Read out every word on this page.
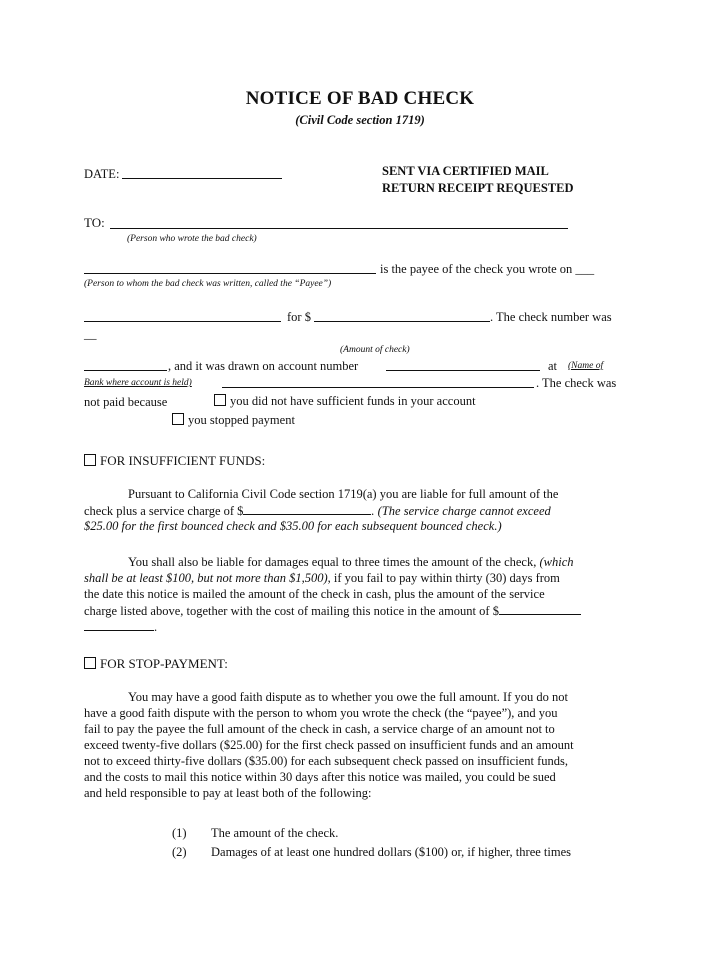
NOTICE OF BAD CHECK
(Civil Code section 1719)
DATE:	SENT VIA CERTIFIED MAIL
RETURN RECEIPT REQUESTED
TO:
(Person who wrote the bad check)
is the payee of the check you wrote on ___
(Person to whom the bad check was written, called the “Payee”)
for $	. The check number was
__
(Amount of check)
, and it was drawn on account number	at (Name of
Bank where account is held)	. The check was
not paid because	you did not have sufficient funds in your account
you stopped payment
FOR INSUFFICIENT FUNDS:
Pursuant to California Civil Code section 1719(a) you are liable for full amount of the
check plus a service charge of $	. (The service charge cannot exceed
$25.00 for the first bounced check and $35.00 for each subsequent bounced check.)
You shall also be liable for damages equal to three times the amount of the check, (which
shall be at least $100, but not more than $1,500), if you fail to pay within thirty (30) days from
the date this notice is mailed the amount of the check in cash, plus the amount of the service
charge listed above, together with the cost of mailing this notice in the amount of $
.
FOR STOP-PAYMENT:
You may have a good faith dispute as to whether you owe the full amount. If you do not
have a good faith dispute with the person to whom you wrote the check (the “payee”), and you
fail to pay the payee the full amount of the check in cash, a service charge of an amount not to
exceed twenty-five dollars ($25.00) for the first check passed on insufficient funds and an amount
not to exceed thirty-five dollars ($35.00) for each subsequent check passed on insufficient funds,
and the costs to mail this notice within 30 days after this notice was mailed, you could be sued
and held responsible to pay at least both of the following:
(1) The amount of the check.
(2) Damages of at least one hundred dollars ($100) or, if higher, three times
